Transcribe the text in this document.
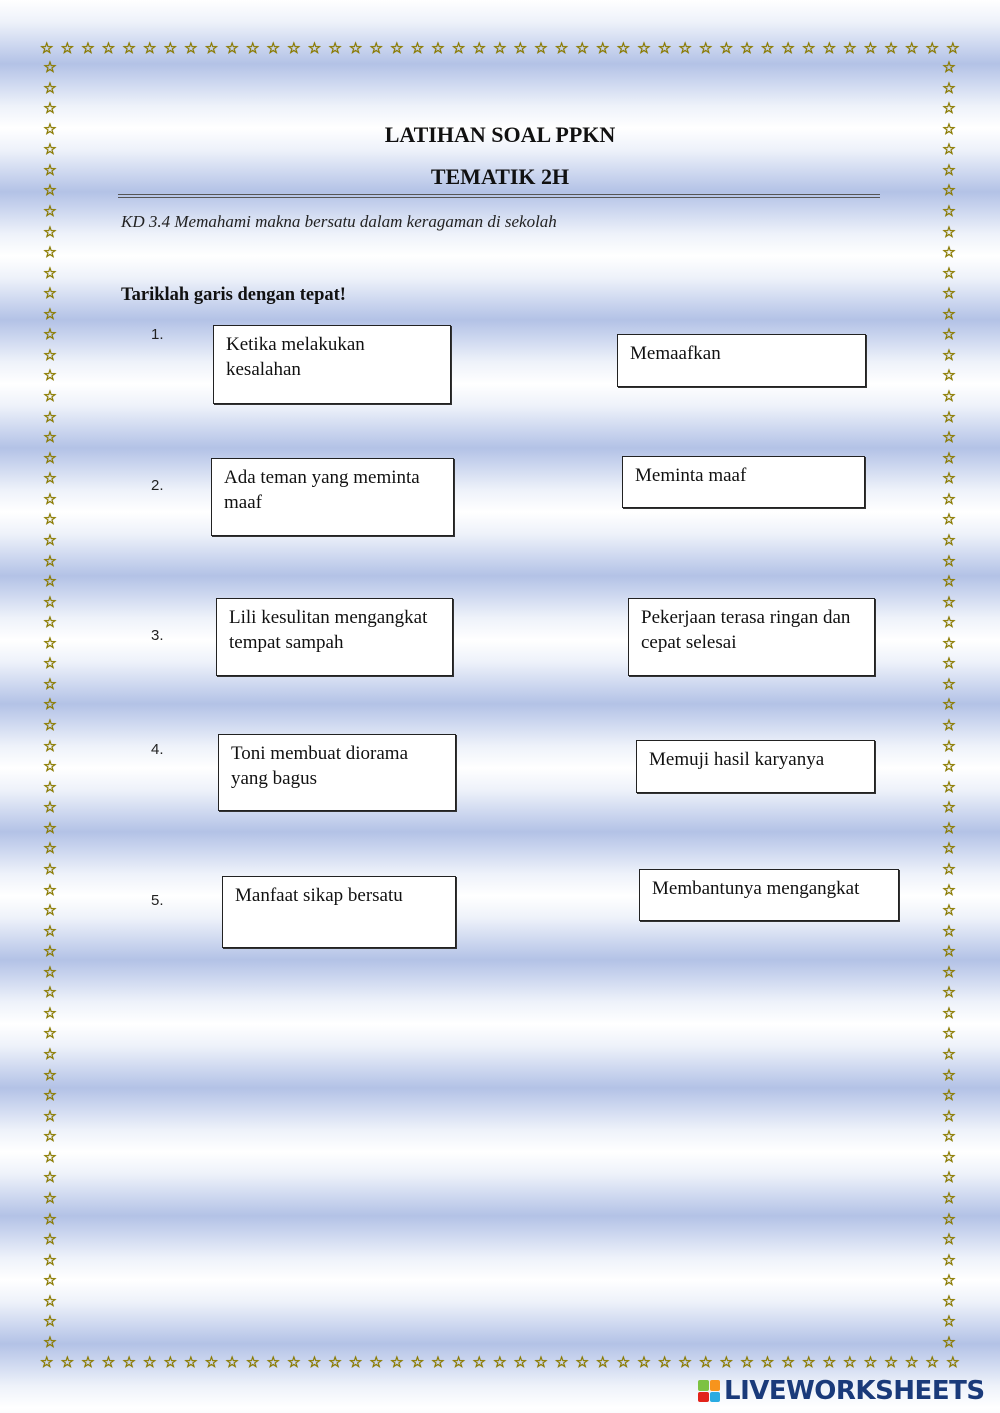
☆ ☆ ☆ ☆ ☆ ☆ ☆ ☆ ☆ ☆ ☆ ☆ ☆ ☆ ☆ ☆ ☆ ☆ ☆ ☆ ☆ ☆ ☆ ☆ ☆ ☆ ☆ ☆ ☆ ☆ ☆ ☆ ☆ ☆ ☆ ☆ ☆ ☆ ☆ ☆ ☆ ☆ ☆ ☆ ☆
☆ ☆ ☆ ☆ ☆ ☆ ☆ ☆ ☆ ☆ ☆ ☆ ☆ ☆ ☆ ☆ ☆ ☆ ☆ ☆ ☆ ☆ ☆ ☆ ☆ ☆ ☆ ☆ ☆ ☆ ☆ ☆ ☆ ☆ ☆ ☆ ☆ ☆ ☆ ☆ ☆ ☆ ☆ ☆ ☆
☆
☆
☆
☆
☆
☆
☆
☆
☆
☆
☆
☆
☆
☆
☆
☆
☆
☆
☆
☆
☆
☆
☆
☆
☆
☆
☆
☆
☆
☆
☆
☆
☆
☆
☆
☆
☆
☆
☆
☆
☆
☆
☆
☆
☆
☆
☆
☆
☆
☆
☆
☆
☆
☆
☆
☆
☆
☆
☆
☆
☆
☆
☆
☆
☆
☆
☆
☆
☆
☆
☆
☆
☆
☆
☆
☆
☆
☆
☆
☆
☆
☆
☆
☆
☆
☆
☆
☆
☆
☆
☆
☆
☆
☆
☆
☆
☆
☆
☆
☆
☆
☆
☆
☆
☆
☆
☆
☆
☆
☆
☆
☆
☆
☆
☆
☆
☆
☆
☆
☆
☆
☆
☆
☆
☆
☆
LATIHAN SOAL PPKN
TEMATIK 2H
KD 3.4 Memahami makna bersatu dalam keragaman di sekolah
Tariklah garis dengan tepat!
1.
2.
3.
4.
5.
Ketika melakukan kesalahan
Ada teman yang meminta maaf
Lili kesulitan mengangkat tempat sampah
Toni membuat diorama yang bagus
Manfaat sikap bersatu
Memaafkan
Meminta maaf
Pekerjaan terasa ringan dan cepat selesai
Memuji hasil karyanya
Membantunya mengangkat
LIVEWORKSHEETS
